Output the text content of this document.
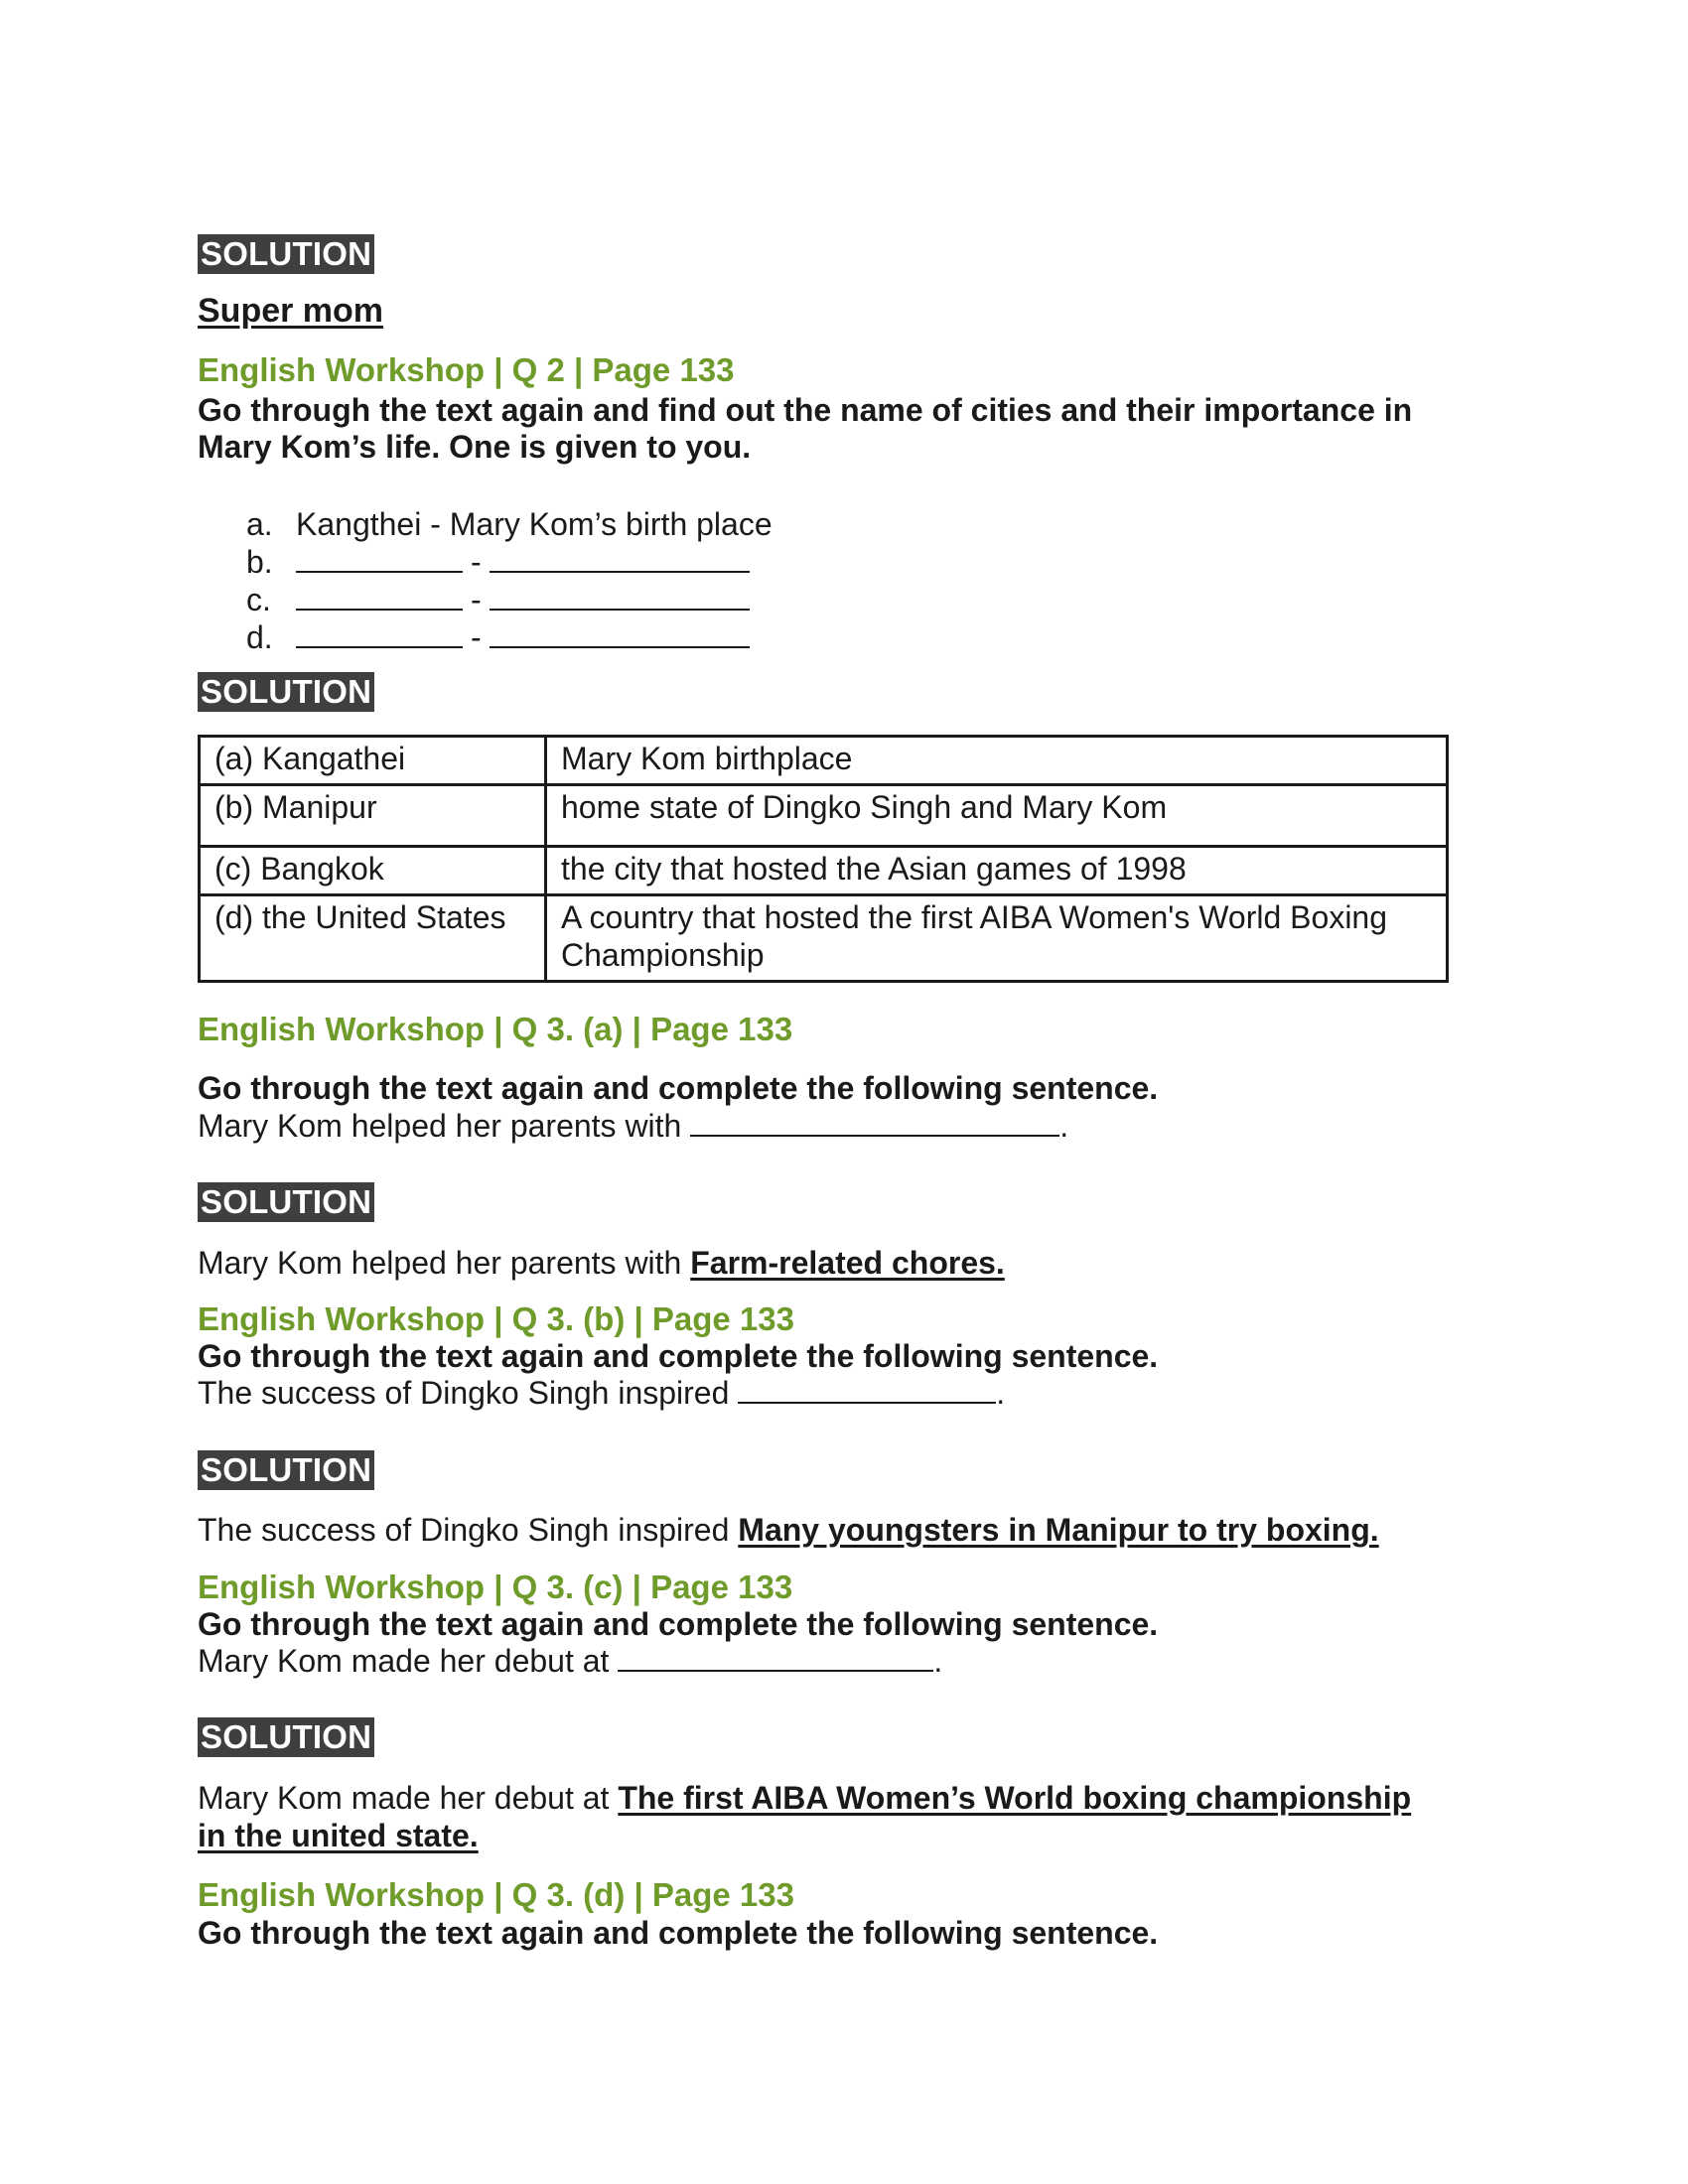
SOLUTION
Super mom
English Workshop | Q 2 | Page 133
Go through the text again and find out the name of cities and their importance in Mary Kom’s life. One is given to you.
a. Kangthei - Mary Kom’s birth place
b.	-
c.	-
d.	-
SOLUTION
(a) Kangathei	Mary Kom birthplace
(b) Manipur	home state of Dingko Singh and Mary Kom
(c) Bangkok	the city that hosted the Asian games of 1998
(d) the United States	A country that hosted the first AIBA Women's World Boxing Championship
English Workshop | Q 3. (a) | Page 133
Go through the text again and complete the following sentence.
Mary Kom helped her parents with	.
SOLUTION
Mary Kom helped her parents with Farm-related chores.
English Workshop | Q 3. (b) | Page 133
Go through the text again and complete the following sentence.
The success of Dingko Singh inspired	.
SOLUTION
The success of Dingko Singh inspired Many youngsters in Manipur to try boxing.
English Workshop | Q 3. (c) | Page 133
Go through the text again and complete the following sentence.
Mary Kom made her debut at	.
SOLUTION
Mary Kom made her debut at The first AIBA Women’s World boxing championship
in the united state.
English Workshop | Q 3. (d) | Page 133
Go through the text again and complete the following sentence.
